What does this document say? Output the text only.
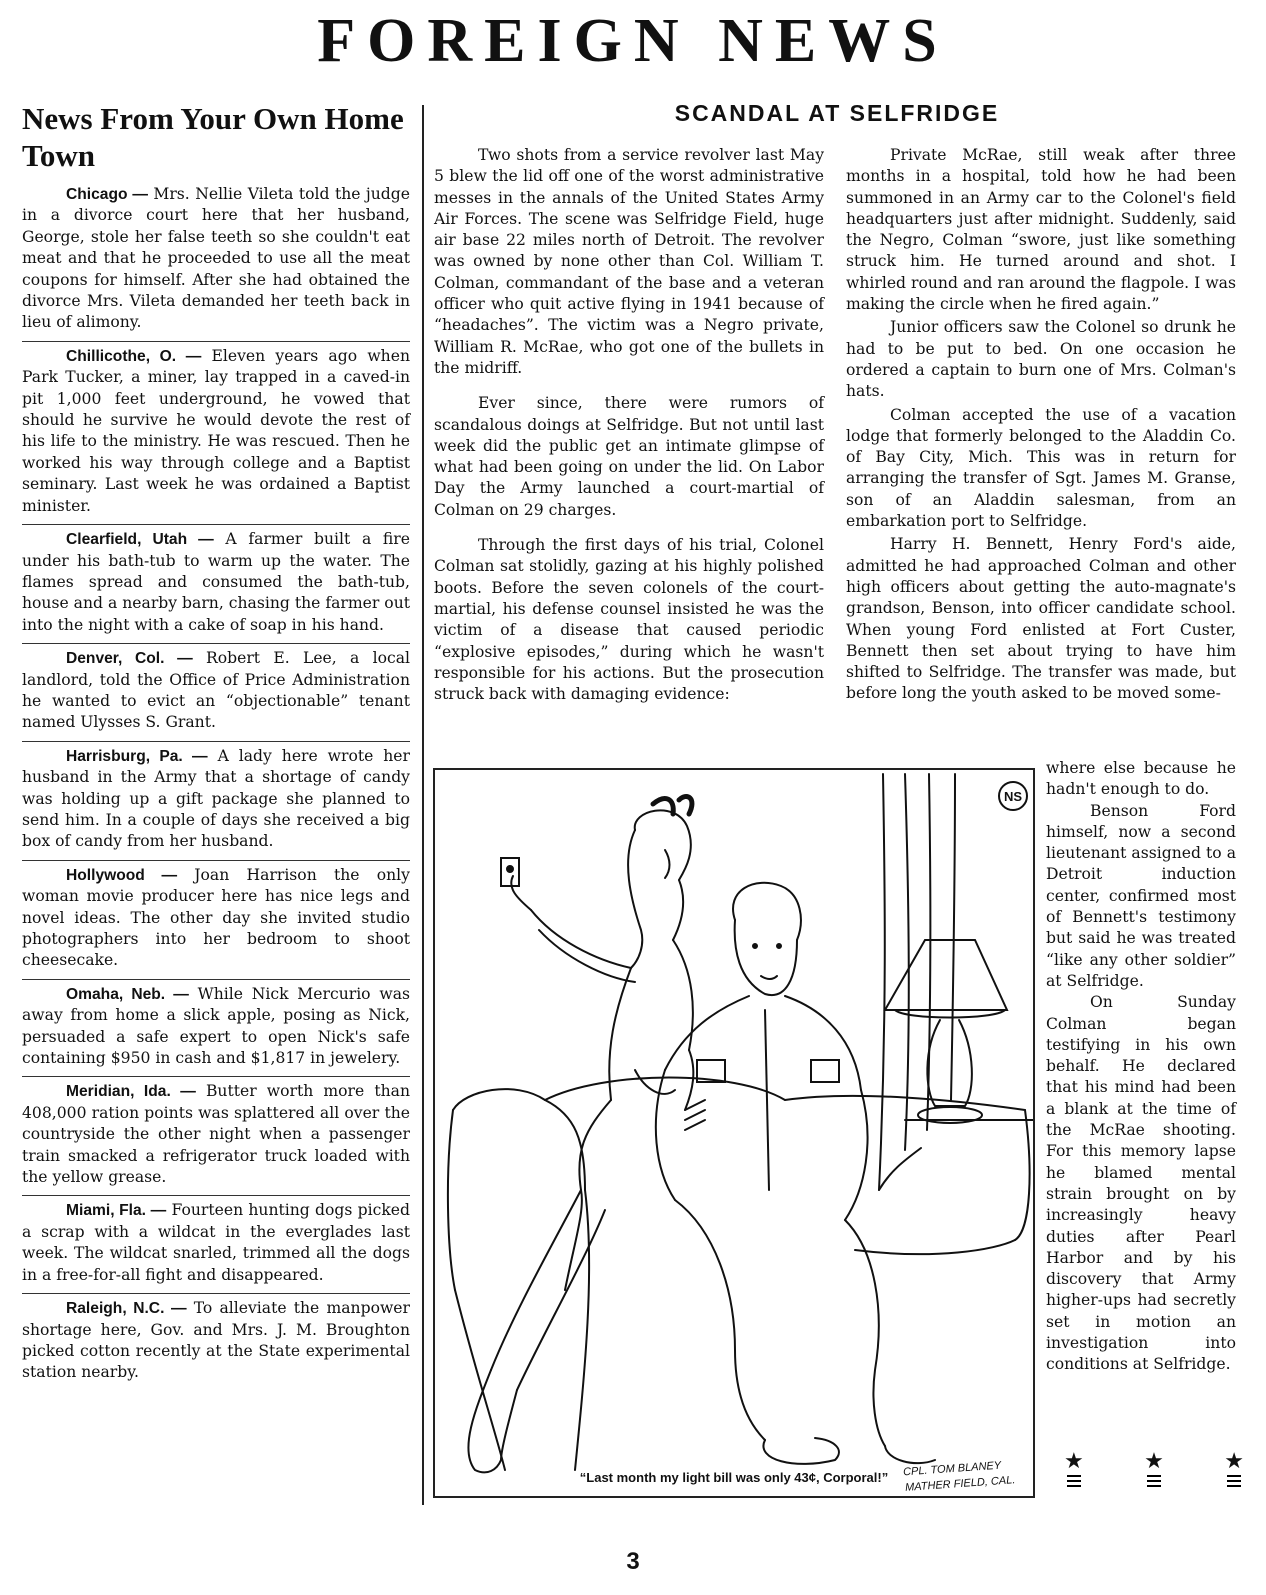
FOREIGN NEWS
News From Your Own Home Town
Chicago — Mrs. Nellie Vileta told the judge in a divorce court here that her husband, George, stole her false teeth so she couldn't eat meat and that he proceeded to use all the meat coupons for himself. After she had obtained the divorce Mrs. Vileta demanded her teeth back in lieu of alimony.
Chillicothe, O. — Eleven years ago when Park Tucker, a miner, lay trapped in a caved-in pit 1,000 feet underground, he vowed that should he survive he would devote the rest of his life to the ministry. He was rescued. Then he worked his way through college and a Baptist seminary. Last week he was ordained a Baptist minister.
Clearfield, Utah — A farmer built a fire under his bath-tub to warm up the water. The flames spread and consumed the bath-tub, house and a nearby barn, chasing the farmer out into the night with a cake of soap in his hand.
Denver, Col. — Robert E. Lee, a local landlord, told the Office of Price Administration he wanted to evict an “objectionable” tenant named Ulysses S. Grant.
Harrisburg, Pa. — A lady here wrote her husband in the Army that a shortage of candy was holding up a gift package she planned to send him. In a couple of days she received a big box of candy from her husband.
Hollywood — Joan Harrison the only woman movie producer here has nice legs and novel ideas. The other day she invited studio photographers into her bedroom to shoot cheesecake.
Omaha, Neb. — While Nick Mercurio was away from home a slick apple, posing as Nick, persuaded a safe expert to open Nick's safe containing $950 in cash and $1,817 in jewelery.
Meridian, Ida. — Butter worth more than 408,000 ration points was splattered all over the countryside the other night when a passenger train smacked a refrigerator truck loaded with the yellow grease.
Miami, Fla. — Fourteen hunting dogs picked a scrap with a wildcat in the everglades last week. The wildcat snarled, trimmed all the dogs in a free-for-all fight and disappeared.
Raleigh, N.C. — To alleviate the manpower shortage here, Gov. and Mrs. J. M. Broughton picked cotton recently at the State experimental station nearby.
SCANDAL AT SELFRIDGE

Two shots from a service revolver last May 5 blew the lid off one of the worst administrative messes in the annals of the United States Army Air Forces. The scene was Selfridge Field, huge air base 22 miles north of Detroit. The revolver was owned by none other than Col. William T. Colman, commandant of the base and a veteran officer who quit active flying in 1941 because of “headaches”. The victim was a Negro private, William R. McRae, who got one of the bullets in the midriff.

Ever since, there were rumors of scandalous doings at Selfridge. But not until last week did the public get an intimate glimpse of what had been going on under the lid. On Labor Day the Army launched a court-martial of Colman on 29 charges.

Through the first days of his trial, Colonel Colman sat stolidly, gazing at his highly polished boots. Before the seven colonels of the court-martial, his defense counsel insisted he was the victim of a disease that caused periodic “explosive episodes,” during which he wasn't responsible for his actions. But the prosecution struck back with damaging evidence:

Private McRae, still weak after three months in a hospital, told how he had been summoned in an Army car to the Colonel's field headquarters just after midnight. Suddenly, said the Negro, Colman “swore, just like something struck him. He turned around and shot. I whirled round and ran around the flagpole. I was making the circle when he fired again.”

Junior officers saw the Colonel so drunk he had to be put to bed. On one occasion he ordered a captain to burn one of Mrs. Colman's hats.

Colman accepted the use of a vacation lodge that formerly belonged to the Aladdin Co. of Bay City, Mich. This was in return for arranging the transfer of Sgt. James M. Granse, son of an Aladdin salesman, from an embarkation port to Selfridge.

Harry H. Bennett, Henry Ford's aide, admitted he had approached Colman and other high officers about getting the auto-magnate's grandson, Benson, into officer candidate school. When young Ford enlisted at Fort Custer, Bennett then set about trying to have him shifted to Selfridge. The transfer was made, but before long the youth asked to be moved some-

where else because he hadn't enough to do.

Benson Ford himself, now a second lieutenant assigned to a Detroit induction center, confirmed most of Bennett's testimony but said he was treated “like any other soldier” at Selfridge.

On Sunday Colman began testifying in his own behalf. He declared that his mind had been a blank at the time of the McRae shooting. For this memory lapse he blamed mental strain brought on by increasingly heavy duties after Pearl Harbor and by his discovery that Army higher-ups had secretly set in motion an investigation into conditions at Selfridge.

NS
CPL. TOM BLANEY
MATHER FIELD, CAL.
“Last month my light bill was only 43¢, Corporal!”
★	★	★
3
